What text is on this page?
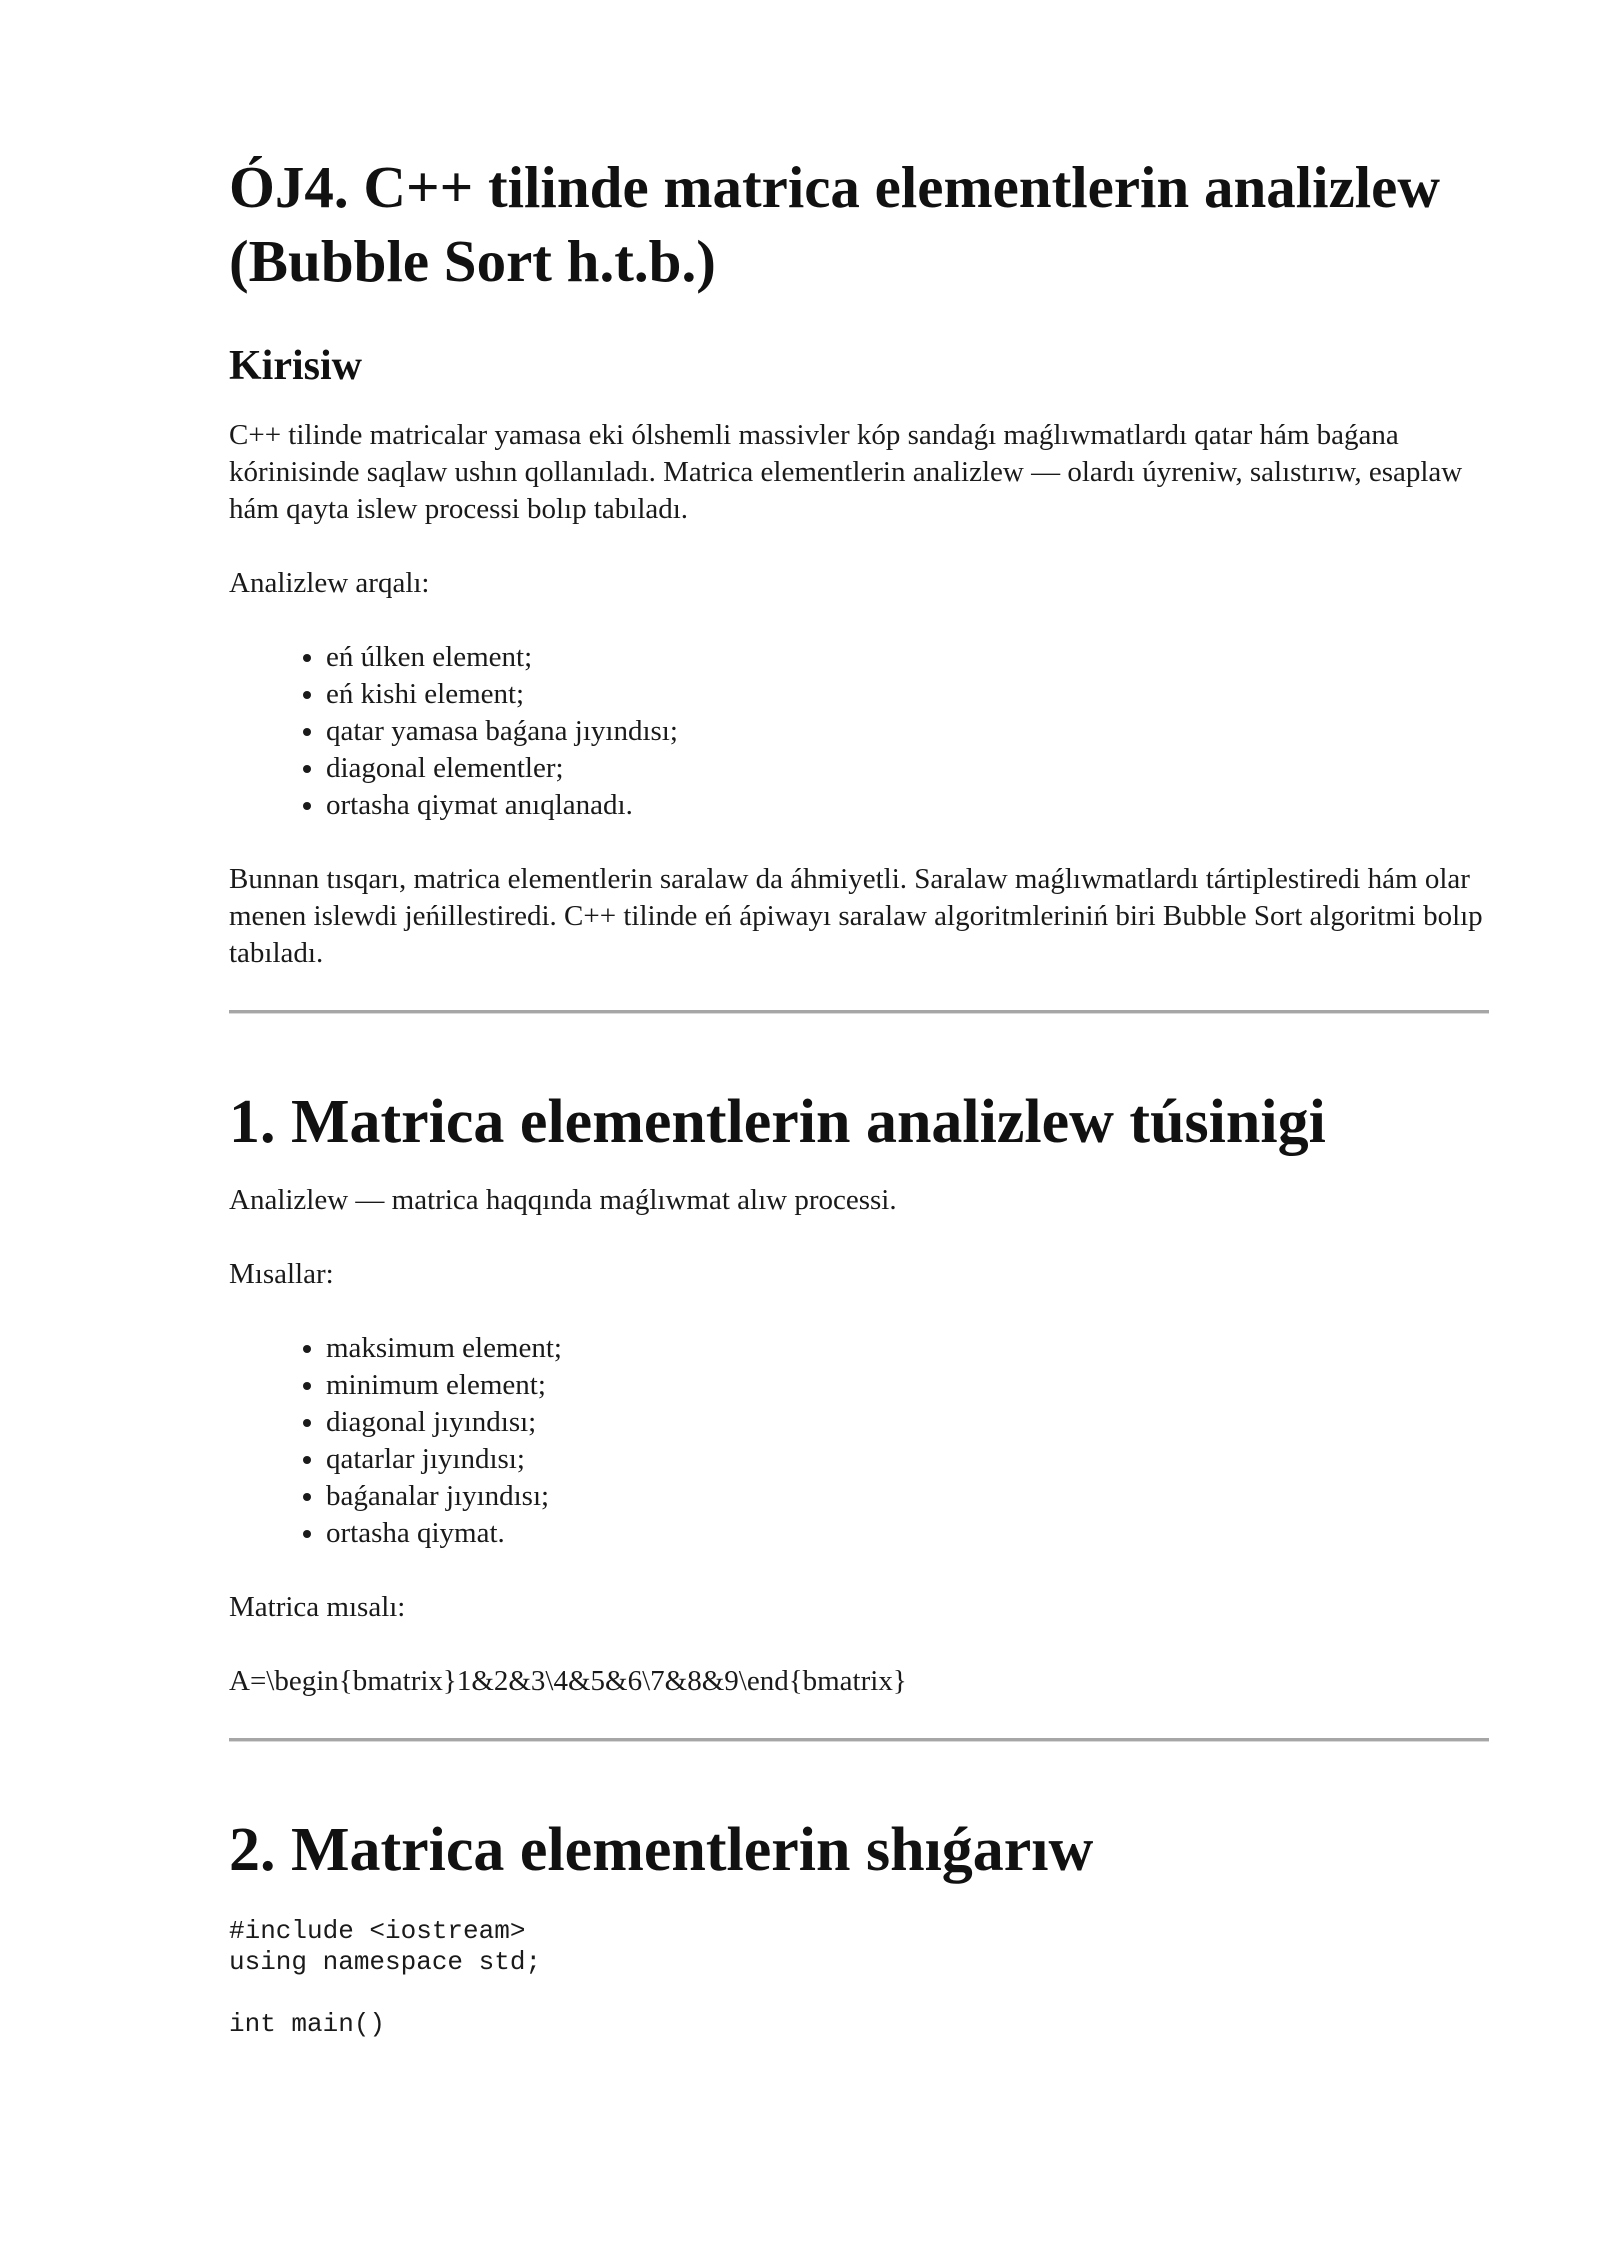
ÓJ4. C++ tilinde matrica elementlerin analizlew (Bubble Sort h.t.b.)
Kirisiw

C++ tilinde matricalar yamasa eki ólshemli massivler kóp sandaǵı maǵlıwmatlardı qatar hám baǵana kórinisinde saqlaw ushın qollanıladı. Matrica elementlerin analizlew — olardı úyreniw, salıstırıw, esaplaw hám qayta islew processi bolıp tabıladı.

Analizlew arqalı:

• eń úlken element;
• eń kishi element;
• qatar yamasa baǵana jıyındısı;
• diagonal elementler;
• ortasha qiymat anıqlanadı.

Bunnan tısqarı, matrica elementlerin saralaw da áhmiyetli. Saralaw maǵlıwmatlardı tártiplestiredi hám olar menen islewdi jeńillestiredi. C++ tilinde eń ápiwayı saralaw algoritmleriniń biri Bubble Sort algoritmi bolıp tabıladı.

1. Matrica elementlerin analizlew túsinigi

Analizlew — matrica haqqında maǵlıwmat alıw processi.

Mısallar:

• maksimum element;
• minimum element;
• diagonal jıyındısı;
• qatarlar jıyındısı;
• baǵanalar jıyındısı;
• ortasha qiymat.

Matrica mısalı:

A=\begin{bmatrix}1&2&3\4&5&6\7&8&9\end{bmatrix}

2. Matrica elementlerin shıǵarıw
#include <iostream>
using namespace std;

int main()
